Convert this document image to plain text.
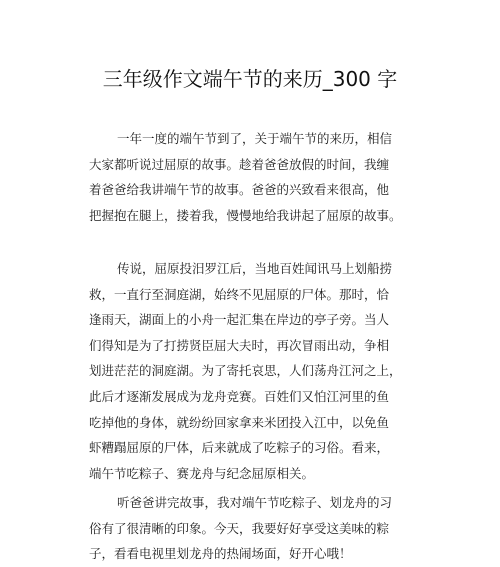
三年级作文端午节的来历_300 字
一年一度的端午节到了，关于端午节的来历，相信
大家都听说过屈原的故事。趁着爸爸放假的时间，我缠
着爸爸给我讲端午节的故事。爸爸的兴致看来很高，他
把握抱在腿上，搂着我，慢慢地给我讲起了屈原的故事。
传说，屈原投汨罗江后，当地百姓闻讯马上划船捞
救，一直行至洞庭湖，始终不见屈原的尸体。那时，恰
逢雨天，湖面上的小舟一起汇集在岸边的亭子旁。当人
们得知是为了打捞贤臣屈大夫时，再次冒雨出动，争相
划进茫茫的洞庭湖。为了寄托哀思，人们荡舟江河之上，
此后才逐渐发展成为龙舟竞赛。百姓们又怕江河里的鱼
吃掉他的身体，就纷纷回家拿来米团投入江中，以免鱼
虾糟蹋屈原的尸体，后来就成了吃粽子的习俗。看来，
端午节吃粽子、赛龙舟与纪念屈原相关。
听爸爸讲完故事，我对端午节吃粽子、划龙舟的习
俗有了很清晰的印象。今天，我要好好享受这美味的粽
子，看看电视里划龙舟的热闹场面，好开心哦！
